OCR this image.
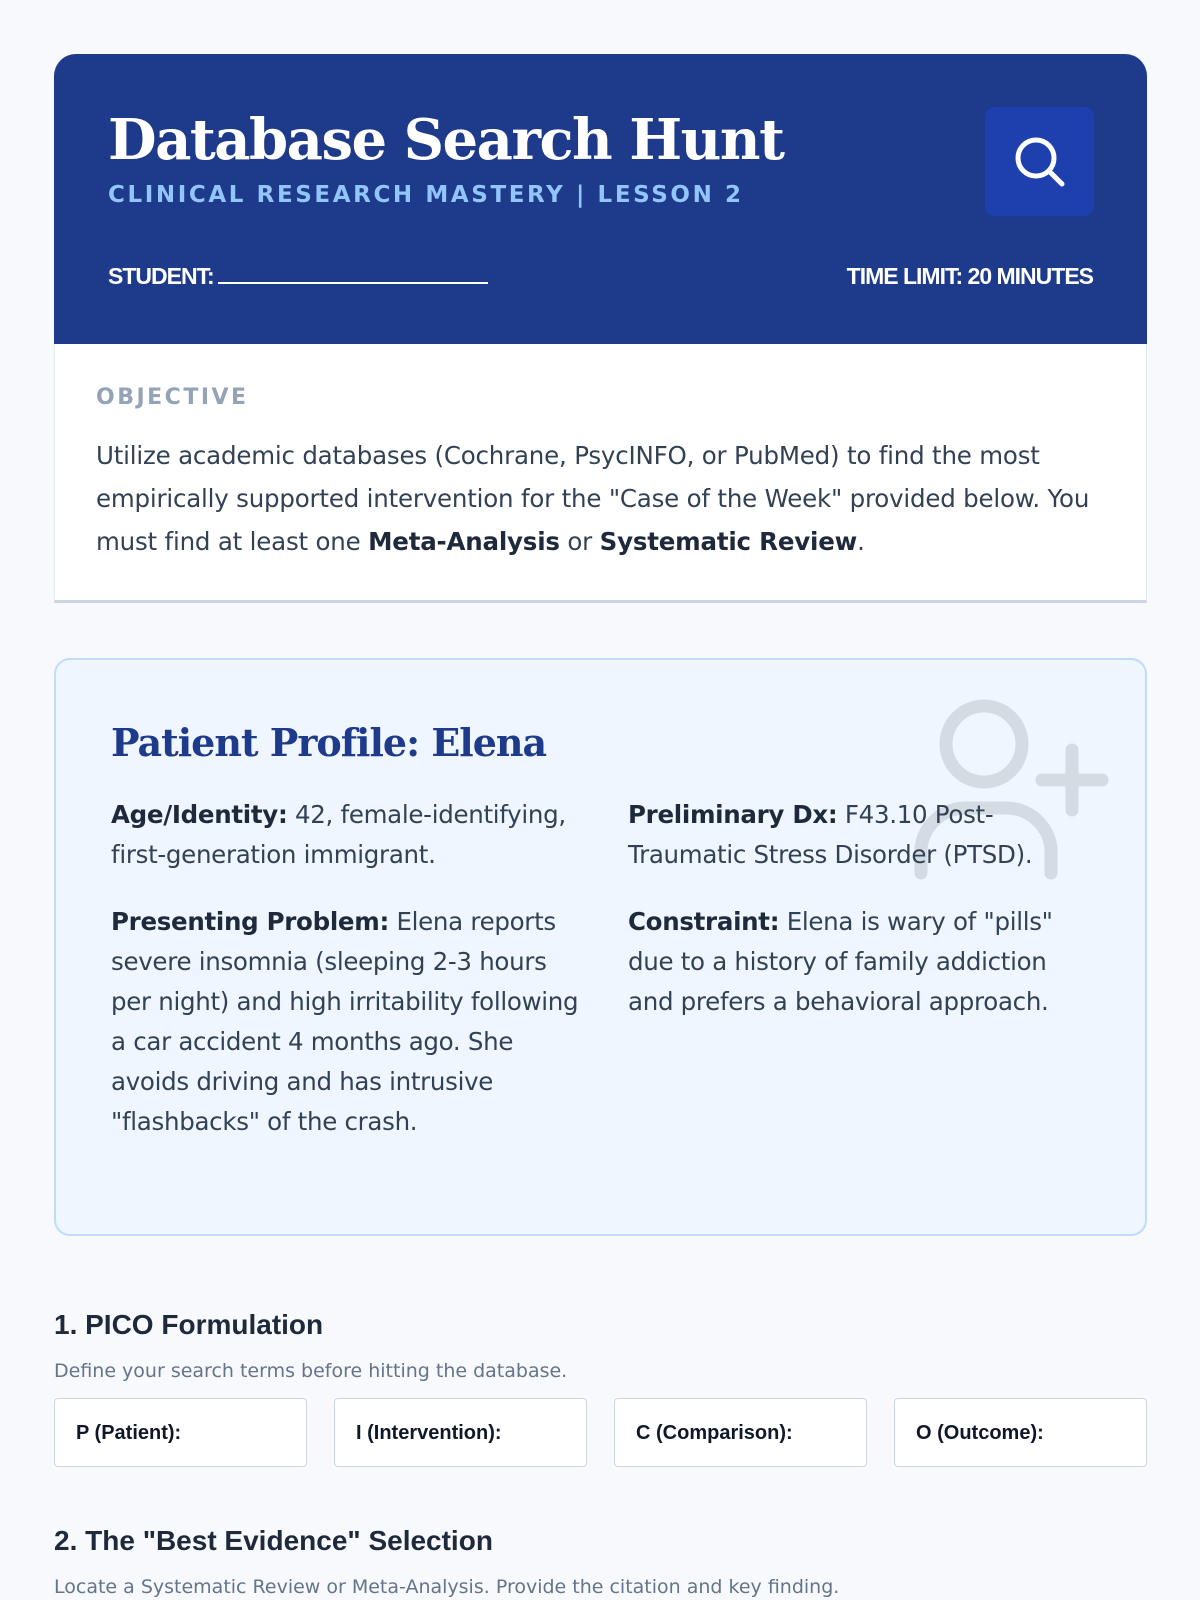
Database Search Hunt
CLINICAL RESEARCH MASTERY | LESSON 2
STUDENT:	TIME LIMIT: 20 MINUTES
OBJECTIVE
Utilize academic databases (Cochrane, PsycINFO, or PubMed) to find the most empirically supported intervention for the "Case of the Week" provided below. You must find at least one Meta-Analysis or Systematic Review.
Patient Profile: Elena

Age/Identity: 42, female-identifying, first-generation immigrant.

Presenting Problem: Elena reports severe insomnia (sleeping 2-3 hours per night) and high irritability following a car accident 4 months ago. She avoids driving and has intrusive "flashbacks" of the crash.

Preliminary Dx: F43.10 Post-Traumatic Stress Disorder (PTSD).

Constraint: Elena is wary of "pills" due to a history of family addiction and prefers a behavioral approach.

1. PICO Formulation
Define your search terms before hitting the database.
P (Patient):	I (Intervention):	C (Comparison):	O (Outcome):
2. The "Best Evidence" Selection
Locate a Systematic Review or Meta-Analysis. Provide the citation and key finding.
